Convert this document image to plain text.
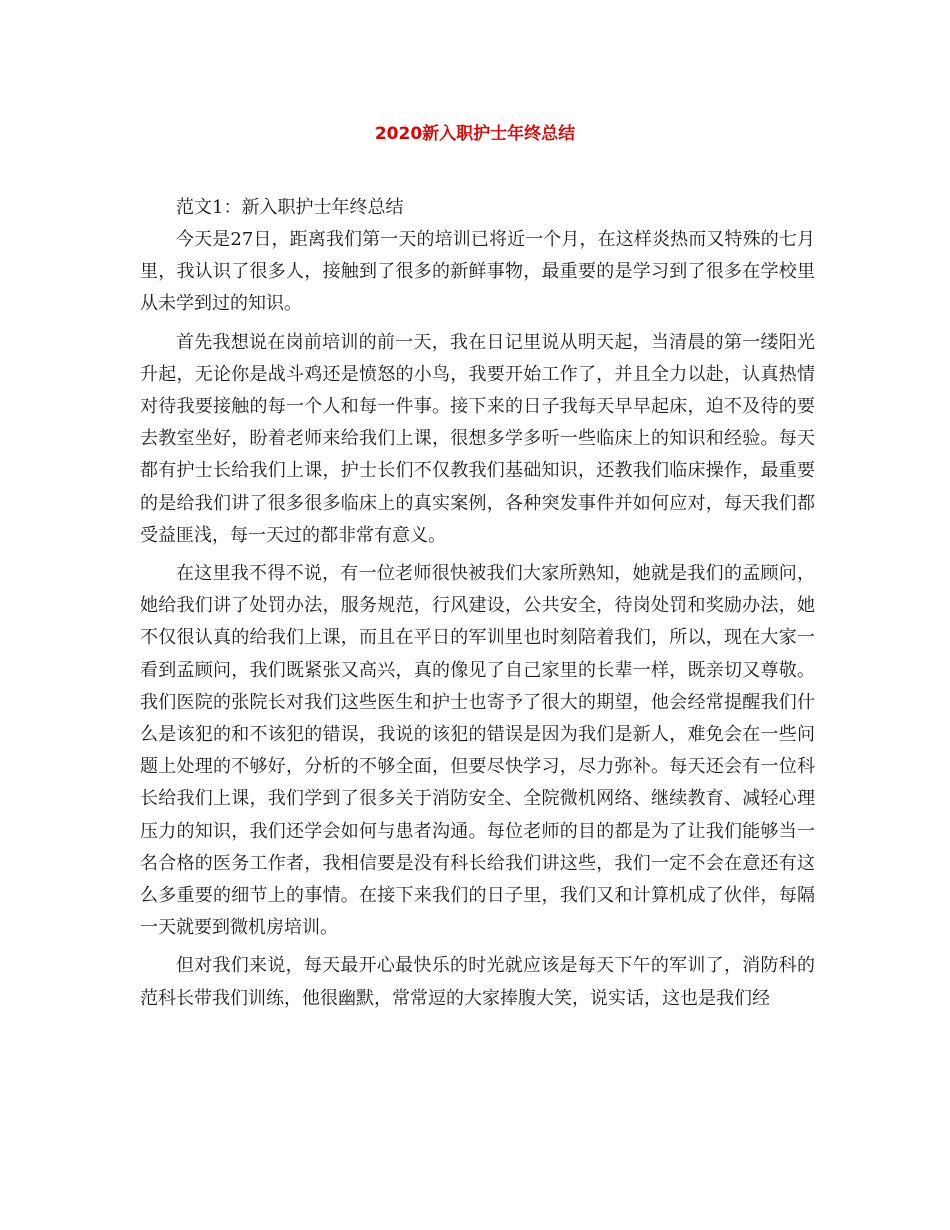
2020新入职护士年终总结

范文1：新入职护士年终总结

今天是27日，距离我们第一天的培训已将近一个月，在这样炎热而又特殊的七月里，我认识了很多人，接触到了很多的新鲜事物，最重要的是学习到了很多在学校里从未学到过的知识。

首先我想说在岗前培训的前一天，我在日记里说从明天起，当清晨的第一缕阳光升起，无论你是战斗鸡还是愤怒的小鸟，我要开始工作了，并且全力以赴，认真热情对待我要接触的每一个人和每一件事。接下来的日子我每天早早起床，迫不及待的要去教室坐好，盼着老师来给我们上课，很想多学多听一些临床上的知识和经验。每天都有护士长给我们上课，护士长们不仅教我们基础知识，还教我们临床操作，最重要的是给我们讲了很多很多临床上的真实案例，各种突发事件并如何应对，每天我们都受益匪浅，每一天过的都非常有意义。

在这里我不得不说，有一位老师很快被我们大家所熟知，她就是我们的孟顾问，她给我们讲了处罚办法，服务规范，行风建设，公共安全，待岗处罚和奖励办法，她不仅很认真的给我们上课，而且在平日的军训里也时刻陪着我们，所以，现在大家一看到孟顾问，我们既紧张又高兴，真的像见了自己家里的长辈一样，既亲切又尊敬。我们医院的张院长对我们这些医生和护士也寄予了很大的期望，他会经常提醒我们什么是该犯的和不该犯的错误，我说的该犯的错误是因为我们是新人，难免会在一些问题上处理的不够好，分析的不够全面，但要尽快学习，尽力弥补。每天还会有一位科长给我们上课，我们学到了很多关于消防安全、全院微机网络、继续教育、减轻心理压力的知识，我们还学会如何与患者沟通。每位老师的目的都是为了让我们能够当一名合格的医务工作者，我相信要是没有科长给我们讲这些，我们一定不会在意还有这么多重要的细节上的事情。在接下来我们的日子里，我们又和计算机成了伙伴，每隔一天就要到微机房培训。

但对我们来说，每天最开心最快乐的时光就应该是每天下午的军训了，消防科的范科长带我们训练，他很幽默，常常逗的大家捧腹大笑，说实话，这也是我们经
